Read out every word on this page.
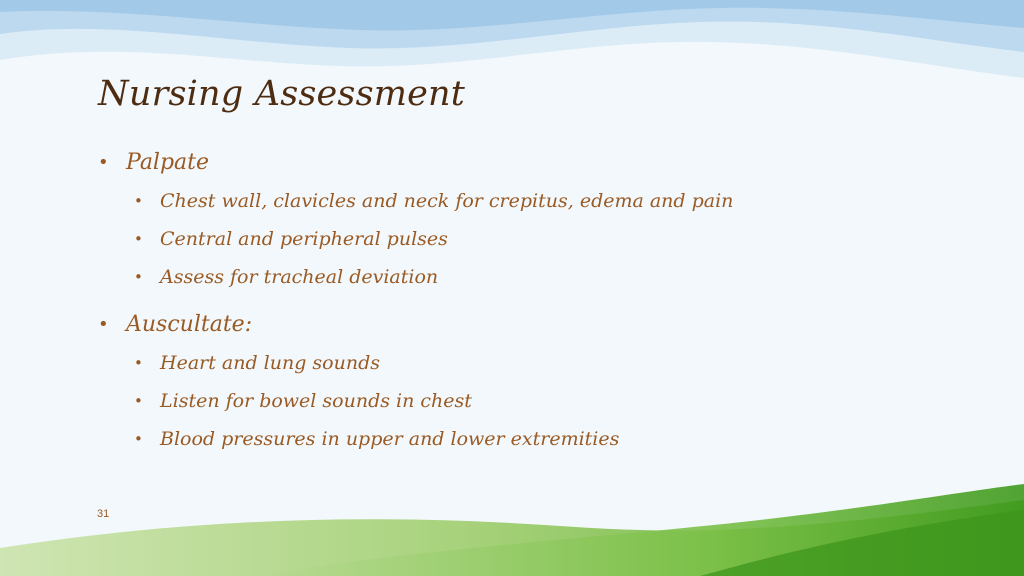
Nursing Assessment
• Palpate
• Chest wall, clavicles and neck for crepitus, edema and pain
• Central and peripheral pulses
• Assess for tracheal deviation
• Auscultate:
• Heart and lung sounds
• Listen for bowel sounds in chest
• Blood pressures in upper and lower extremities
31
